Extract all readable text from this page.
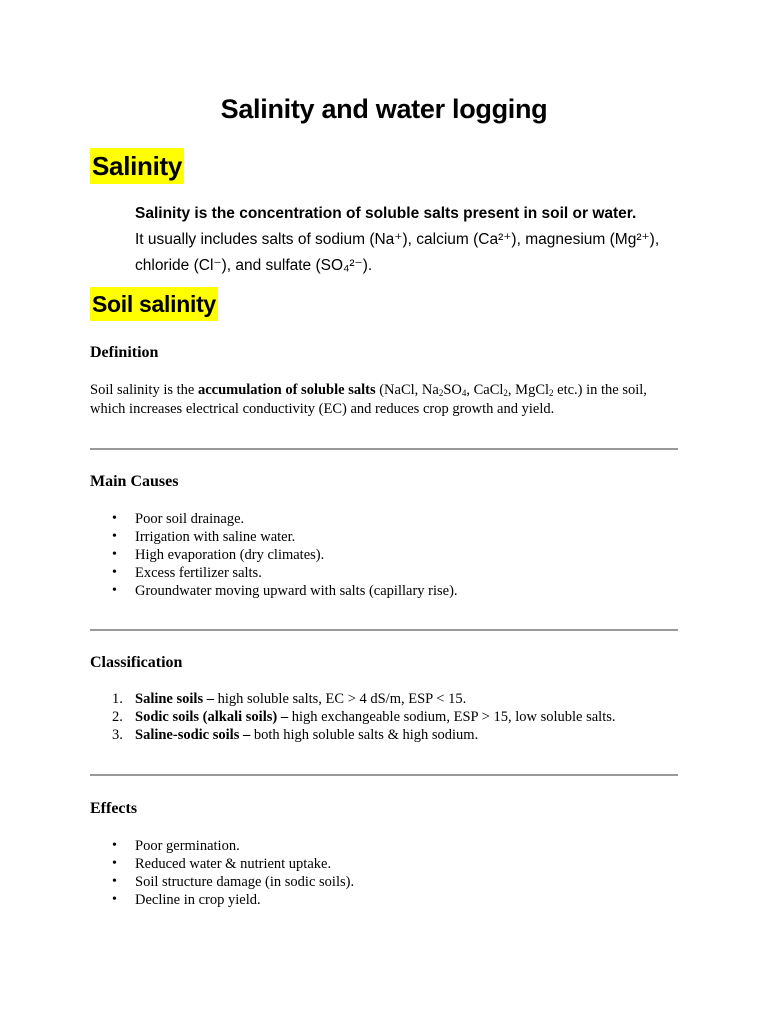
Salinity and water logging
Salinity
Salinity is the concentration of soluble salts present in soil or water.
It usually includes salts of sodium (Na⁺), calcium (Ca²⁺), magnesium (Mg²⁺),
chloride (Cl⁻), and sulfate (SO₄²⁻).
Soil salinity
Definition
Soil salinity is the accumulation of soluble salts (NaCl, $Na_2SO_4$, CaCl$_2$, MgCl$_2$ etc.) in the soil,
which increases electrical conductivity (EC) and reduces crop growth and yield.
Main Causes
• Poor soil drainage.
• Irrigation with saline water.
• High evaporation (dry climates).
• Excess fertilizer salts.
• Groundwater moving upward with salts (capillary rise).
Classification
1. Saline soils – high soluble salts, EC > 4 dS/m, ESP < 15.
2. Sodic soils (alkali soils) – high exchangeable sodium, ESP > 15, low soluble salts.
3. Saline-sodic soils – both high soluble salts & high sodium.
Effects
• Poor germination.
• Reduced water & nutrient uptake.
• Soil structure damage (in sodic soils).
• Decline in crop yield.
